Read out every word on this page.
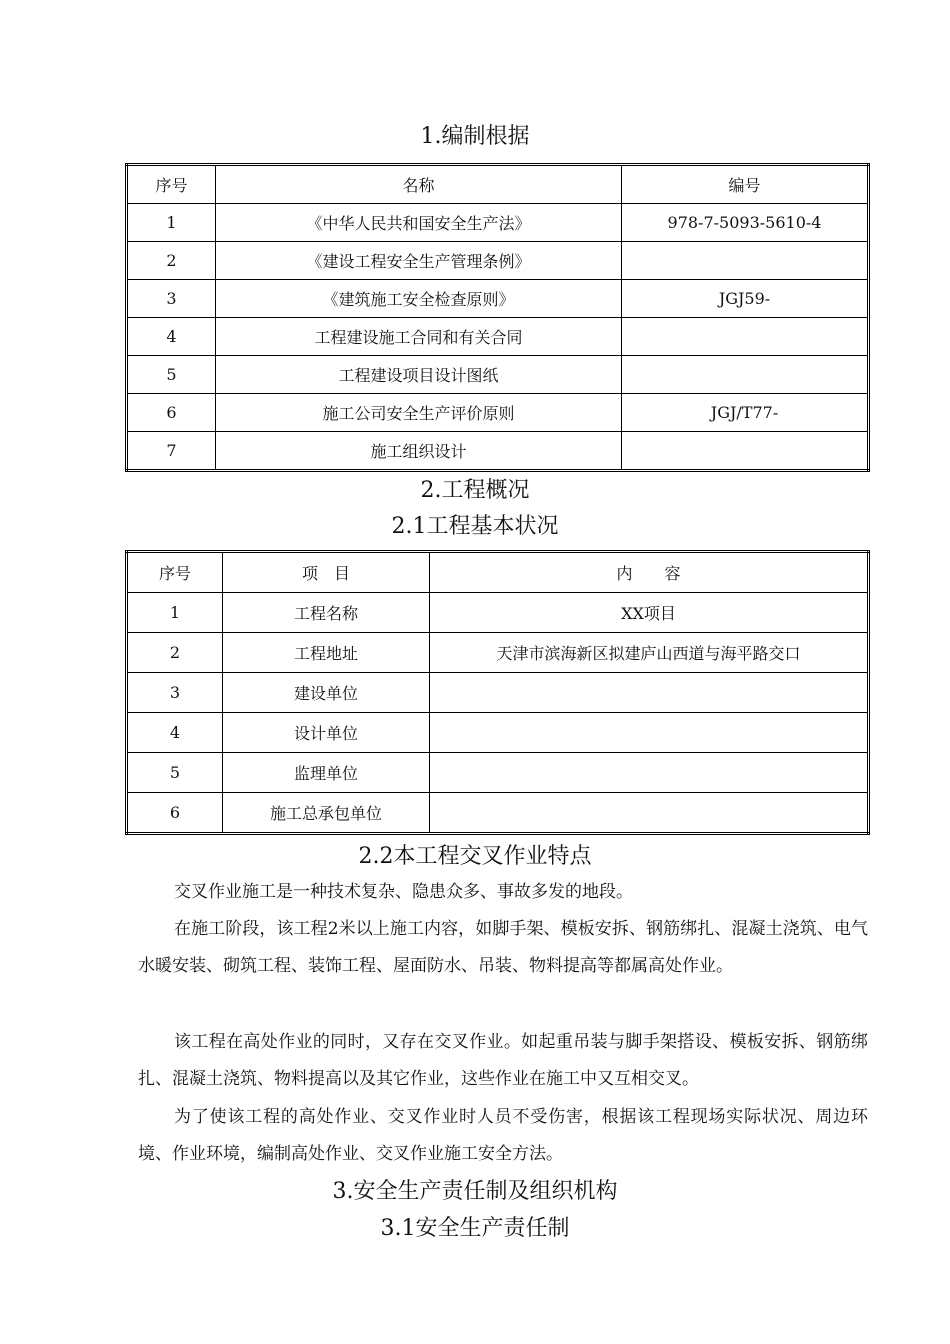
1.编制根据
序号	名称	编号
1	《中华人民共和国安全生产法》	978-7-5093-5610-4
2	《建设工程安全生产管理条例》	
3	《建筑施工安全检查原则》	JGJ59-
4	工程建设施工合同和有关合同	
5	工程建设项目设计图纸	
6	施工公司安全生产评价原则	JGJ/T77-
7	施工组织设计	
2.工程概况
2.1工程基本状况
序号	项　目	内　　容
1	工程名称	XX项目
2	工程地址	天津市滨海新区拟建庐山西道与海平路交口
3	建设单位	
4	设计单位	
5	监理单位	
6	施工总承包单位	
2.2本工程交叉作业特点
交叉作业施工是一种技术复杂、隐患众多、事故多发的地段。
在施工阶段，该工程2米以上施工内容，如脚手架、模板安拆、钢筋绑扎、混凝土浇筑、电气水暖安装、砌筑工程、装饰工程、屋面防水、吊装、物料提高等都属高处作业。
该工程在高处作业的同时，又存在交叉作业。如起重吊装与脚手架搭设、模板安拆、钢筋绑扎、混凝土浇筑、物料提高以及其它作业，这些作业在施工中又互相交叉。
为了使该工程的高处作业、交叉作业时人员不受伤害，根据该工程现场实际状况、周边环境、作业环境，编制高处作业、交叉作业施工安全方法。
3.安全生产责任制及组织机构
3.1安全生产责任制
